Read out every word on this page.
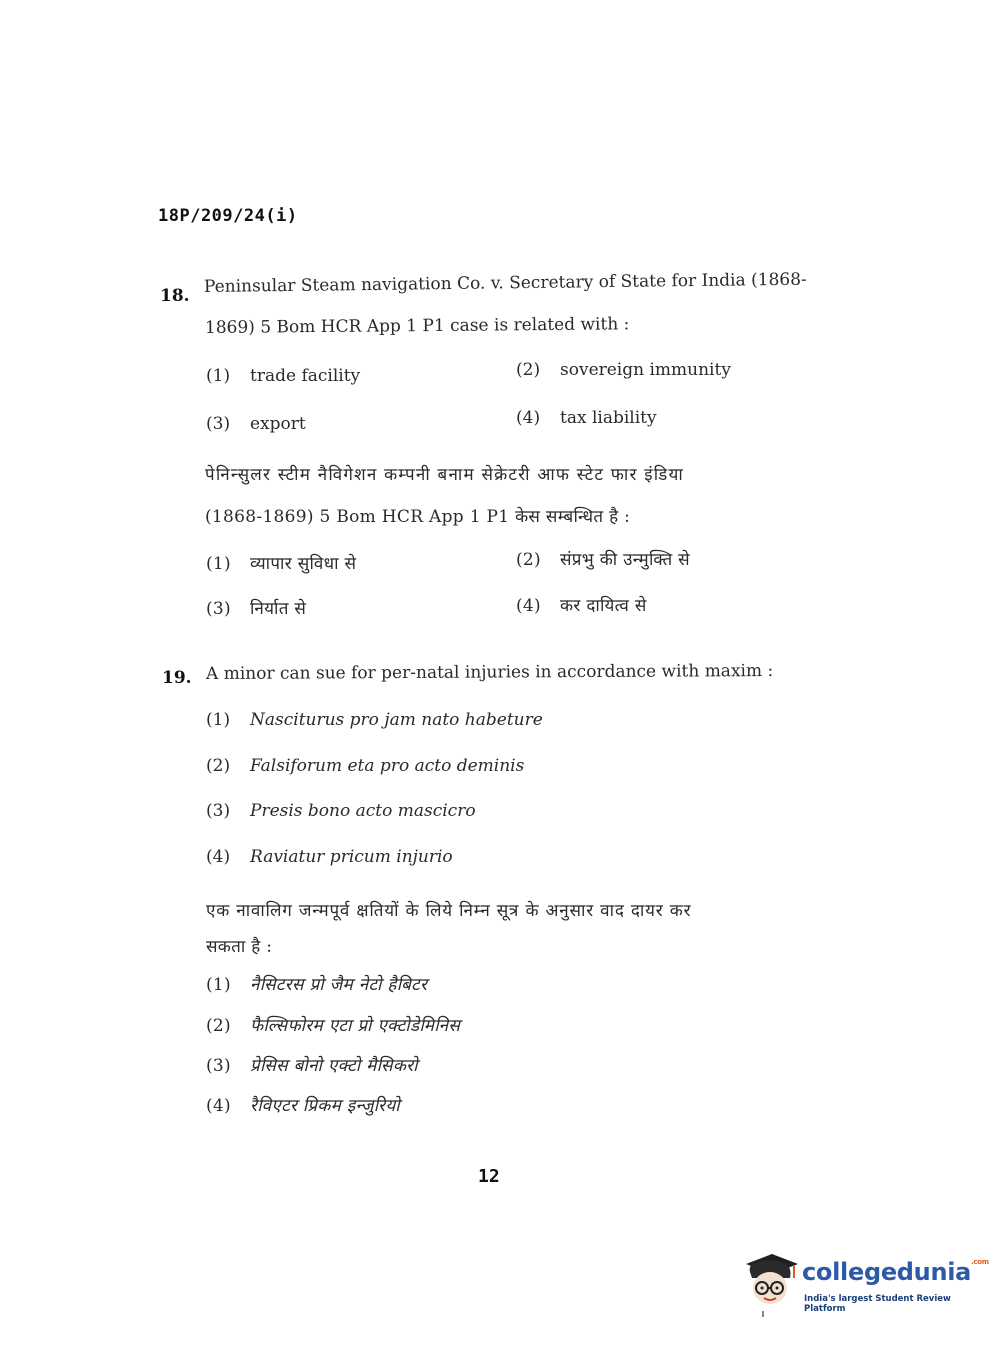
18P/209/24(i)
18. Peninsular Steam navigation Co. v. Secretary of State for India (1868-
1869) 5 Bom HCR App 1 P1 case is related with :
(1) trade facility	(2) sovereign immunity
(3) export	(4) tax liability
पेनिन्सुलर स्टीम नैविगेशन कम्पनी बनाम सेक्रेटरी आफ स्टेट फार इंडिया
(1868-1869) 5 Bom HCR App 1 P1 केस सम्बन्धित है :
(1) व्यापार सुविधा से	(2) संप्रभु की उन्मुक्ति से
(3) निर्यात से	(4) कर दायित्व से
19. A minor can sue for per-natal injuries in accordance with maxim :
(1) Nasciturus pro jam nato habeture
(2) Falsiforum eta pro acto deminis
(3) Presis bono acto mascicro
(4) Raviatur pricum injurio
एक नावालिग जन्मपूर्व क्षतियों के लिये निम्न सूत्र के अनुसार वाद दायर कर
सकता है :
(1) नैसिटरस प्रो जैम नेटो हैबिटर
(2) फैल्सिफोरम एटा प्रो एक्टोडेमिनिस
(3) प्रेसिस बोनो एक्टो मैसिकरो
(4) रैविएटर प्रिकम इन्जुरियो
12
collegedunia$^{.com}$
India's largest Student Review Platform
